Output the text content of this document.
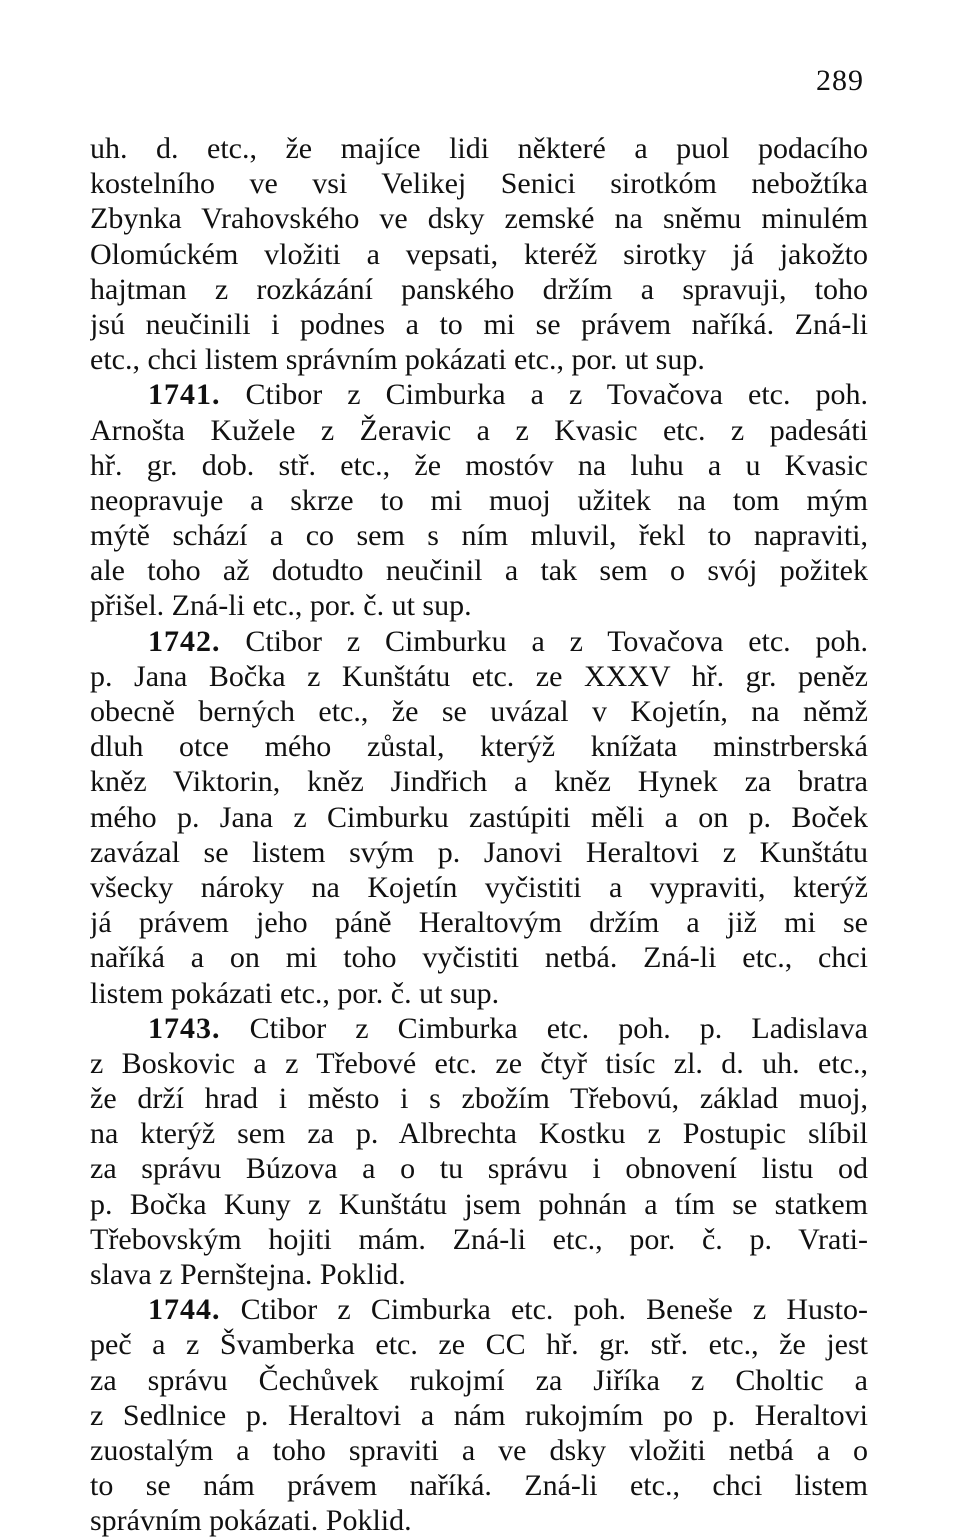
289
uh. d. etc., že majíce lidi některé a puol podacího
kostelního ve vsi Velikej Senici sirotkóm nebožtíka
Zbynka Vrahovského ve dsky zemské na sněmu minulém
Olomúckém vložiti a vepsati, kteréž sirotky já jakožto
hajtman z rozkázání panského držím a spravuji, toho
jsú neučinili i podnes a to mi se právem naříká. Zná-li
etc., chci listem správním pokázati etc., por. ut sup.
1741. Ctibor z Cimburka a z Tovačova etc. poh.
Arnošta Kužele z Žeravic a z Kvasic etc. z padesáti
hř. gr. dob. stř. etc., že mostóv na luhu a u Kvasic
neopravuje a skrze to mi muoj užitek na tom mým
mýtě schází a co sem s ním mluvil, řekl to napraviti,
ale toho až dotudto neučinil a tak sem o svój požitek
přišel. Zná-li etc., por. č. ut sup.
1742. Ctibor z Cimburku a z Tovačova etc. poh.
p. Jana Bočka z Kunštátu etc. ze XXXV hř. gr. peněz
obecně berných etc., že se uvázal v Kojetín, na němž
dluh otce mého zůstal, kterýž knížata minstrberská
kněz Viktorin, kněz Jindřich a kněz Hynek za bratra
mého p. Jana z Cimburku zastúpiti měli a on p. Boček
zavázal se listem svým p. Janovi Heraltovi z Kunštátu
všecky nároky na Kojetín vyčistiti a vypraviti, kterýž
já právem jeho páně Heraltovým držím a již mi se
naříká a on mi toho vyčistiti netbá. Zná-li etc., chci
listem pokázati etc., por. č. ut sup.
1743. Ctibor z Cimburka etc. poh. p. Ladislava
z Boskovic a z Třebové etc. ze čtyř tisíc zl. d. uh. etc.,
že drží hrad i město i s zbožím Třebovú, základ muoj,
na kterýž sem za p. Albrechta Kostku z Postupic slíbil
za správu Búzova a o tu správu i obnovení listu od
p. Bočka Kuny z Kunštátu jsem pohnán a tím se statkem
Třebovským hojiti mám. Zná-li etc., por. č. p. Vrati-
slava z Pernštejna. Poklid.
1744. Ctibor z Cimburka etc. poh. Beneše z Husto-
peč a z Švamberka etc. ze CC hř. gr. stř. etc., že jest
za správu Čechůvek rukojmí za Jiříka z Choltic a
z Sedlnice p. Heraltovi a nám rukojmím po p. Heraltovi
zuostalým a toho spraviti a ve dsky vložiti netbá a o
to se nám právem naříká. Zná-li etc., chci listem
správním pokázati. Poklid.
